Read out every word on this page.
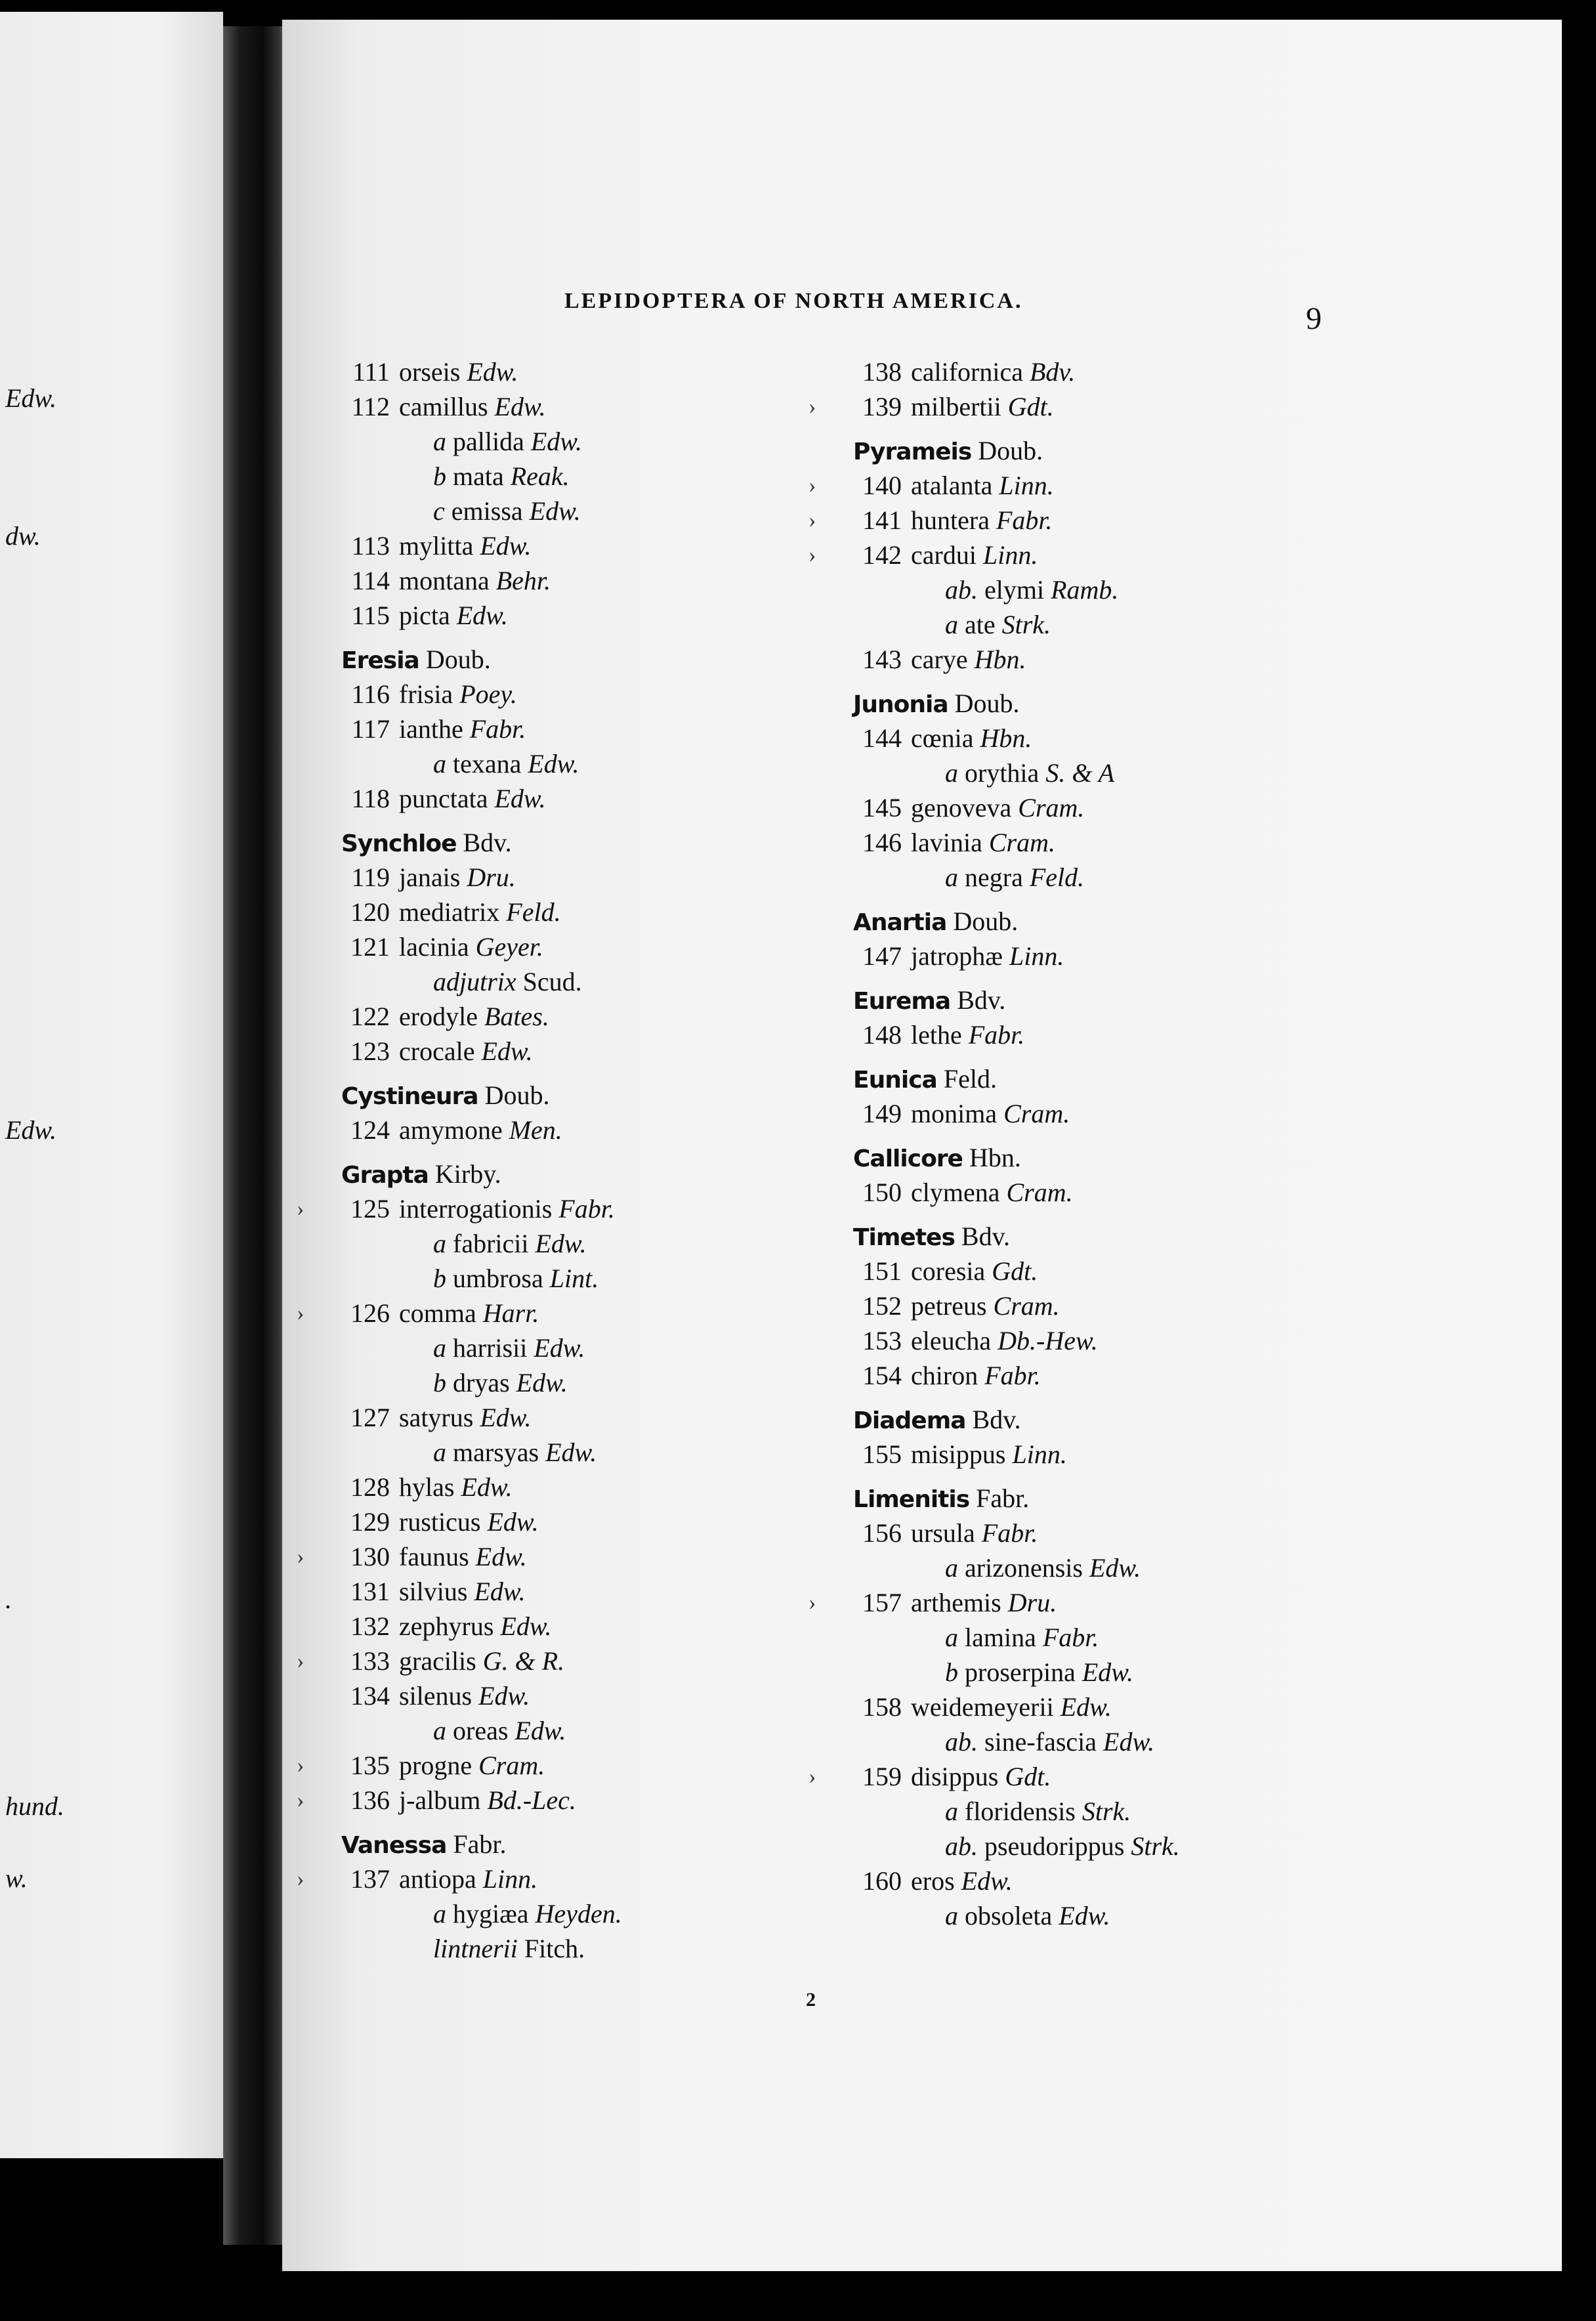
Edw.
dw.
Edw.
.
hund.
w.
LEPIDOPTERA OF NORTH AMERICA.
9
111 orseis Edw.
112 camillus Edw.
a pallida Edw.
b mata Reak.
c emissa Edw.
113 mylitta Edw.
114 montana Behr.
115 picta Edw.
Eresia Doub.
116 frisia Poey.
117 ianthe Fabr.
a texana Edw.
118 punctata Edw.
Synchloe Bdv.
119 janais Dru.
120 mediatrix Feld.
121 lacinia Geyer.
adjutrix Scud.
122 erodyle Bates.
123 crocale Edw.
Cystineura Doub.
124 amymone Men.
Grapta Kirby.
› 125 interrogationis Fabr.
a fabricii Edw.
b umbrosa Lint.
› 126 comma Harr.
a harrisii Edw.
b dryas Edw.
127 satyrus Edw.
a marsyas Edw.
128 hylas Edw.
129 rusticus Edw.
› 130 faunus Edw.
131 silvius Edw.
132 zephyrus Edw.
› 133 gracilis G. & R.
134 silenus Edw.
a oreas Edw.
› 135 progne Cram.
› 136 j-album Bd.-Lec.
Vanessa Fabr.
› 137 antiopa Linn.
a hygiæa Heyden.
lintnerii Fitch.
138 californica Bdv.
› 139 milbertii Gdt.
Pyrameis Doub.
› 140 atalanta Linn.
› 141 huntera Fabr.
› 142 cardui Linn.
ab. elymi Ramb.
a ate Strk.
143 carye Hbn.
Junonia Doub.
144 cœnia Hbn.
a orythia S. & A
145 genoveva Cram.
146 lavinia Cram.
a negra Feld.
Anartia Doub.
147 jatrophæ Linn.
Eurema Bdv.
148 lethe Fabr.
Eunica Feld.
149 monima Cram.
Callicore Hbn.
150 clymena Cram.
Timetes Bdv.
151 coresia Gdt.
152 petreus Cram.
153 eleucha Db.-Hew.
154 chiron Fabr.
Diadema Bdv.
155 misippus Linn.
Limenitis Fabr.
156 ursula Fabr.
a arizonensis Edw.
› 157 arthemis Dru.
a lamina Fabr.
b proserpina Edw.
158 weidemeyerii Edw.
ab. sine-fascia Edw.
› 159 disippus Gdt.
a floridensis Strk.
ab. pseudorippus Strk.
160 eros Edw.
a obsoleta Edw.
2
